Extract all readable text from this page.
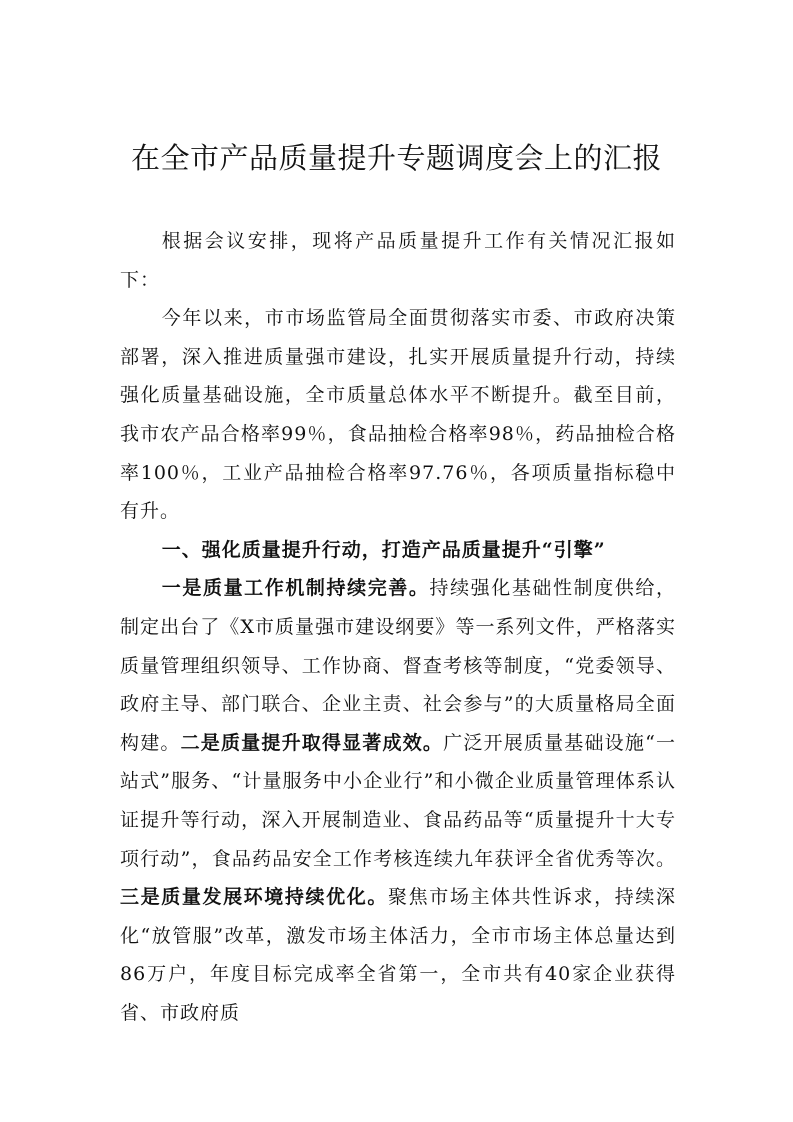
在全市产品质量提升专题调度会上的汇报

根据会议安排，现将产品质量提升工作有关情况汇报如下：

今年以来，市市场监管局全面贯彻落实市委、市政府决策部署，深入推进质量强市建设，扎实开展质量提升行动，持续强化质量基础设施，全市质量总体水平不断提升。截至目前，我市农产品合格率99％，食品抽检合格率98％，药品抽检合格率100％，工业产品抽检合格率97.76％，各项质量指标稳中有升。

一、强化质量提升行动，打造产品质量提升“引擎”

一是质量工作机制持续完善。持续强化基础性制度供给，制定出台了《X市质量强市建设纲要》等一系列文件，严格落实质量管理组织领导、工作协商、督查考核等制度，“党委领导、政府主导、部门联合、企业主责、社会参与”的大质量格局全面构建。二是质量提升取得显著成效。广泛开展质量基础设施“一站式”服务、“计量服务中小企业行”和小微企业质量管理体系认证提升等行动，深入开展制造业、食品药品等“质量提升十大专项行动”，食品药品安全工作考核连续九年获评全省优秀等次。三是质量发展环境持续优化。聚焦市场主体共性诉求，持续深化“放管服”改革，激发市场主体活力，全市市场主体总量达到86万户，年度目标完成率全省第一，全市共有40家企业获得省、市政府质
